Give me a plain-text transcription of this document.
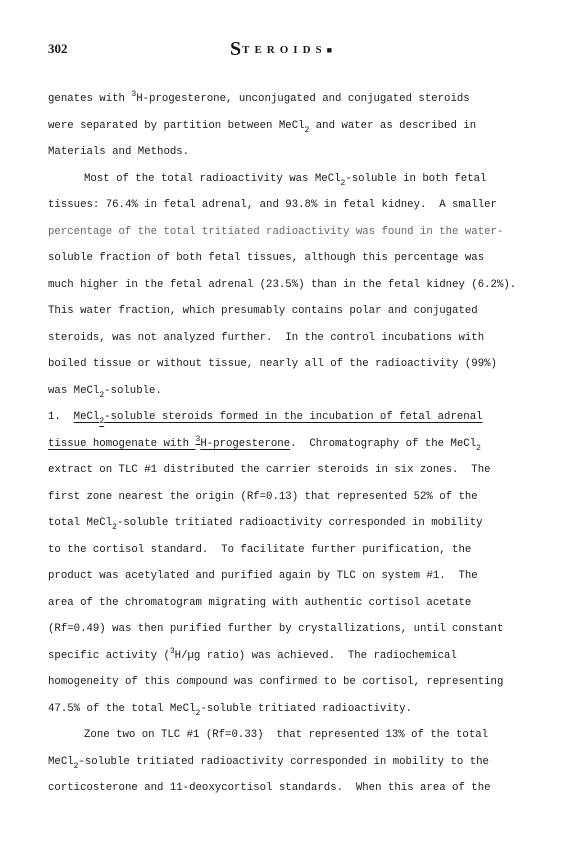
302	STEROIDS■
genates with $^3$H-progesterone, unconjugated and conjugated steroids
were separated by partition between MeCl$_2$ and water as described in
Materials and Methods.
Most of the total radioactivity was MeCl$_2$-soluble in both fetal
tissues: 76.4% in fetal adrenal, and 93.8% in fetal kidney.  A smaller
percentage of the total tritiated radioactivity was found in the water-
soluble fraction of both fetal tissues, although this percentage was
much higher in the fetal adrenal (23.5%) than in the fetal kidney (6.2%).
This water fraction, which presumably contains polar and conjugated
steroids, was not analyzed further.  In the control incubations with
boiled tissue or without tissue, nearly all of the radioactivity (99%)
was MeCl$_2$-soluble.
1.  MeCl$_2$-soluble steroids formed in the incubation of fetal adrenal
tissue homogenate with $^3$H-progesterone.  Chromatography of the MeCl$_2$
extract on TLC #1 distributed the carrier steroids in six zones.  The
first zone nearest the origin (Rf=0.13) that represented 52% of the
total MeCl$_2$-soluble tritiated radioactivity corresponded in mobility
to the cortisol standard.  To facilitate further purification, the
product was acetylated and purified again by TLC on system #1.  The
area of the chromatogram migrating with authentic cortisol acetate
(Rf=0.49) was then purified further by crystallizations, until constant
specific activity ($^3$H/µg ratio) was achieved.  The radiochemical
homogeneity of this compound was confirmed to be cortisol, representing
47.5% of the total MeCl$_2$-soluble tritiated radioactivity.
Zone two on TLC #1 (Rf=0.33)  that represented 13% of the total
MeCl$_2$-soluble tritiated radioactivity corresponded in mobility to the
corticosterone and 11-deoxycortisol standards.  When this area of the
